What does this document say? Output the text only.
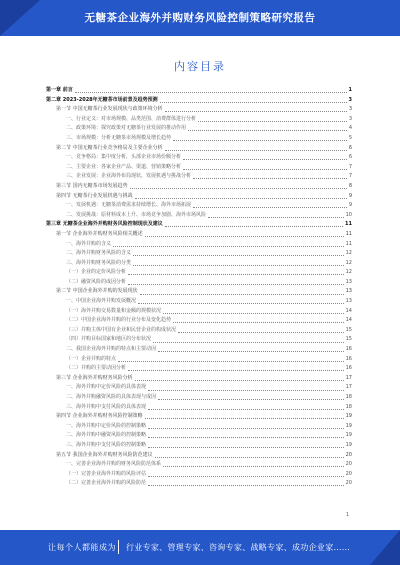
无糖茶企业海外并购财务风险控制策略研究报告
内容目录
第一章 前言	1
第二章 2023-2028年无糖茶市场前景及趋势预测	3
第一节 中国无糖茶行业发展现状与政策环境分析	3
一、行业定义：对市场规模、品类范围、消费群体进行分析	3
二、政策环境：探究政策对无糖茶行业发展的推动作用	4
三、市场规模：分析无糖茶市场规模及增长趋势	5
第二节 中国无糖茶行业竞争格局及主要企业分析	6
一、竞争格局：集中度分析，头部企业市场份额分析	6
二、主要企业：各家企业产品、渠道、营销策略分析	7
三、企业发展：企业海外布局现状、发展机遇与挑战分析	7
第三节 国内无糖茶市场发展趋势	8
第四节 无糖茶行业发展机遇与挑战	9
一、发展机遇：无糖茶消费需求持续增长、海外市场拓展	9
二、发展挑战：原材料成本上升、市场竞争加剧、海外市场风险	10
第三章 无糖茶企业海外并购财务风险控制现状及建议	11
第一节 企业海外并购财务风险相关概述	11
一、海外并购的含义	11
二、海外并购财务风险的含义	12
三、海外并购财务风险的分类	12
（一）企业的定价风险分析	12
（二）融资风险的成因分析	13
第二节 中国企业海外并购的发展现状	13
一、中国企业海外并购发展概况	13
（一）海外并购交易数量和金额的规模状况	14
（二）中国企业海外并购的行业分布及变化趋势	14
（三）并购主体中国有企业和民营企业的构成状况	15
（四）并购目标国家和地区的分布状况	15
二、我国企业海外并购的特点和主要动因	16
（一）企业并购的特点	16
（二）并购的主要动因分析	16
第三节 企业海外并购财务风险分析	17
一、海外并购中定价风险的具体表现	17
二、海外并购融资风险的具体表现与成因	18
三、海外并购中支付风险的具体表现	18
第四节 企业海外并购财务风险控制策略	19
一、海外并购中定价风险的控制策略	19
二、海外并购中融资风险的控制策略	19
三、海外并购中支付风险的控制策略	19
第五节 我国企业海外并购财务风险防范建议	20
一、完善企业海外并购的财务风险防范体系	20
（一）完善企业海外并购的风险评估	20
（二）完善企业海外并购的风险防范	20
1
让每个人都能成为 行业专家、管理专家、咨询专家、战略专家、成功企业家……
